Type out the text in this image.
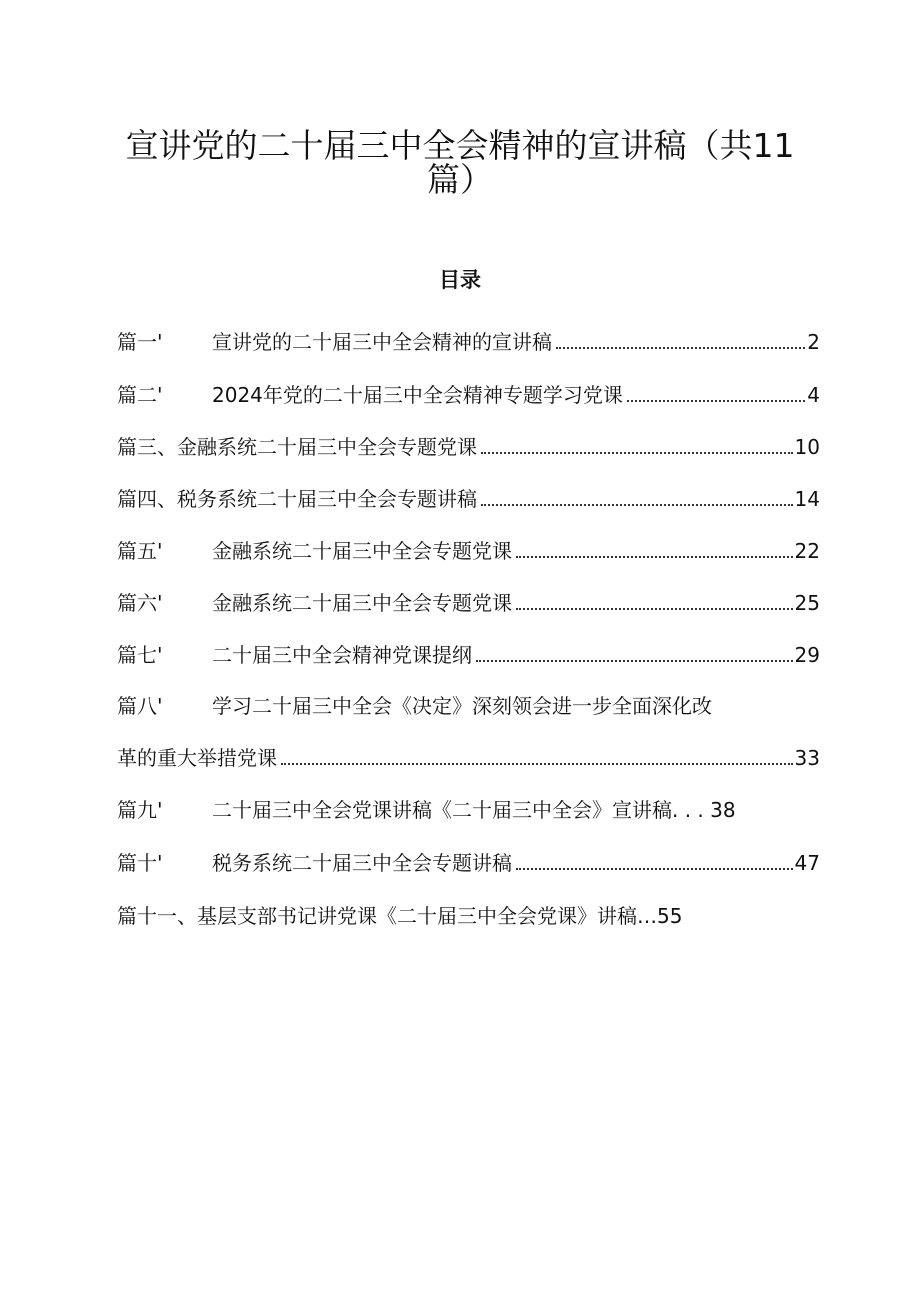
宣讲党的二十届三中全会精神的宣讲稿（共11
篇）
目录
篇一'	宣讲党的二十届三中全会精神的宣讲稿	2
篇二'	2024年党的二十届三中全会精神专题学习党课	4
篇三、 金融系统二十届三中全会专题党课	10
篇四、 税务系统二十届三中全会专题讲稿	14
篇五'	金融系统二十届三中全会专题党课	22
篇六'	金融系统二十届三中全会专题党课	25
篇七'	二十届三中全会精神党课提纲	29
篇八'	学习二十届三中全会《决定》深刻领会进一步全面深化改
革的重大举措党课	33
篇九'	二十届三中全会党课讲稿《二十届三中全会》宣讲稿. . . 38
篇十'	税务系统二十届三中全会专题讲稿	47
篇十一、 基层支部书记讲党课《二十届三中全会党课》讲稿…55
